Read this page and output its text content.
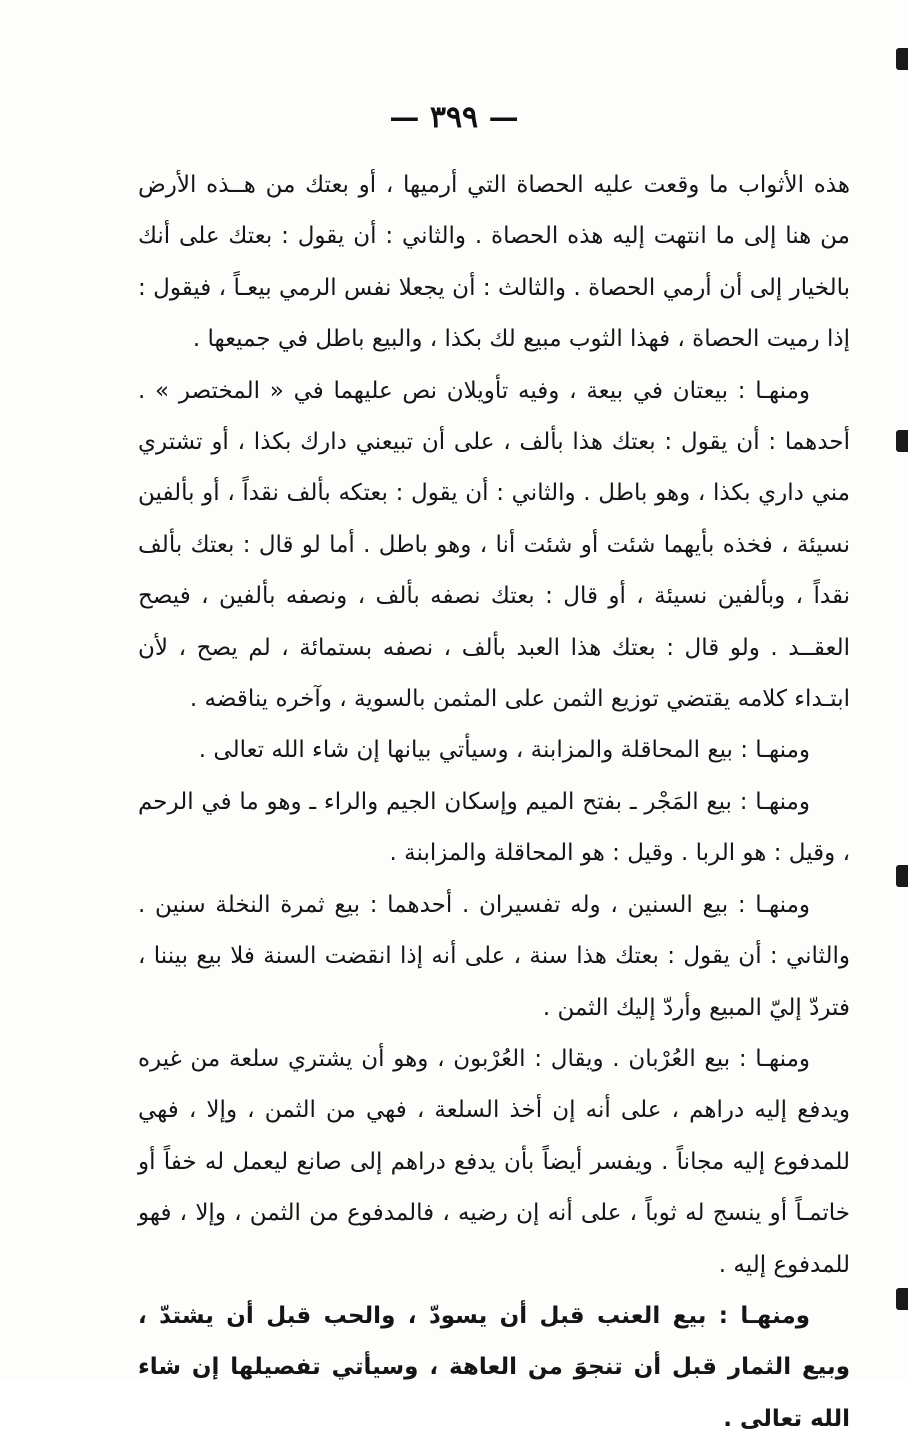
— ٣٩٩ —

هذه الأثواب ما وقعت عليه الحصاة التي أرميها ، أو بعتك من هــذه الأرض من هنا إلى ما انتهت إليه هذه الحصاة . والثاني : أن يقول : بعتك على أنك بالخيار إلى أن أرمي الحصاة . والثالث : أن يجعلا نفس الرمي بيعـاً ، فيقول : إذا رميت الحصاة ، فهذا الثوب مبيع لك بكذا ، والبيع باطل في جميعها .

ومنهـا : بيعتان في بيعة ، وفيه تأويلان نص عليهما في « المختصر » . أحدهما : أن يقول : بعتك هذا بألف ، على أن تبيعني دارك بكذا ، أو تشتري مني داري بكذا ، وهو باطل . والثاني : أن يقول : بعتكه بألف نقداً ، أو بألفين نسيئة ، فخذه بأيهما شئت أو شئت أنا ، وهو باطل . أما لو قال : بعتك بألف نقداً ، وبألفين نسيئة ، أو قال : بعتك نصفه بألف ، ونصفه بألفين ، فيصح العقــد . ولو قال : بعتك هذا العبد بألف ، نصفه بستمائة ، لم يصح ، لأن ابتـداء كلامه يقتضي توزيع الثمن على المثمن بالسوية ، وآخره يناقضه .

ومنهـا : بيع المحاقلة والمزابنة ، وسيأتي بيانها إن شاء الله تعالى .

ومنهـا : بيع المَجْر ـ بفتح الميم وإسكان الجيم والراء ـ وهو ما في الرحم ، وقيل : هو الربا . وقيل : هو المحاقلة والمزابنة .

ومنهـا : بيع السنين ، وله تفسيران . أحدهما : بيع ثمرة النخلة سنين . والثاني : أن يقول : بعتك هذا سنة ، على أنه إذا انقضت السنة فلا بيع بيننا ، فتردّ إليّ المبيع وأردّ إليك الثمن .

ومنهـا : بيع العُرْبان . ويقال : العُرْبون ، وهو أن يشتري سلعة من غيره ويدفع إليه دراهم ، على أنه إن أخذ السلعة ، فهي من الثمن ، وإلا ، فهي للمدفوع إليه مجاناً . ويفسر أيضاً بأن يدفع دراهم إلى صانع ليعمل له خفاً أو خاتمـاً أو ينسج له ثوباً ، على أنه إن رضيه ، فالمدفوع من الثمن ، وإلا ، فهو للمدفوع إليه .

ومنهـا : بيع العنب قبل أن يسودّ ، والحب قبل أن يشتدّ ، وبيع الثمار قبل أن تنجوَ من العاهة ، وسيأتي تفصيلها إن شاء الله تعالى .
